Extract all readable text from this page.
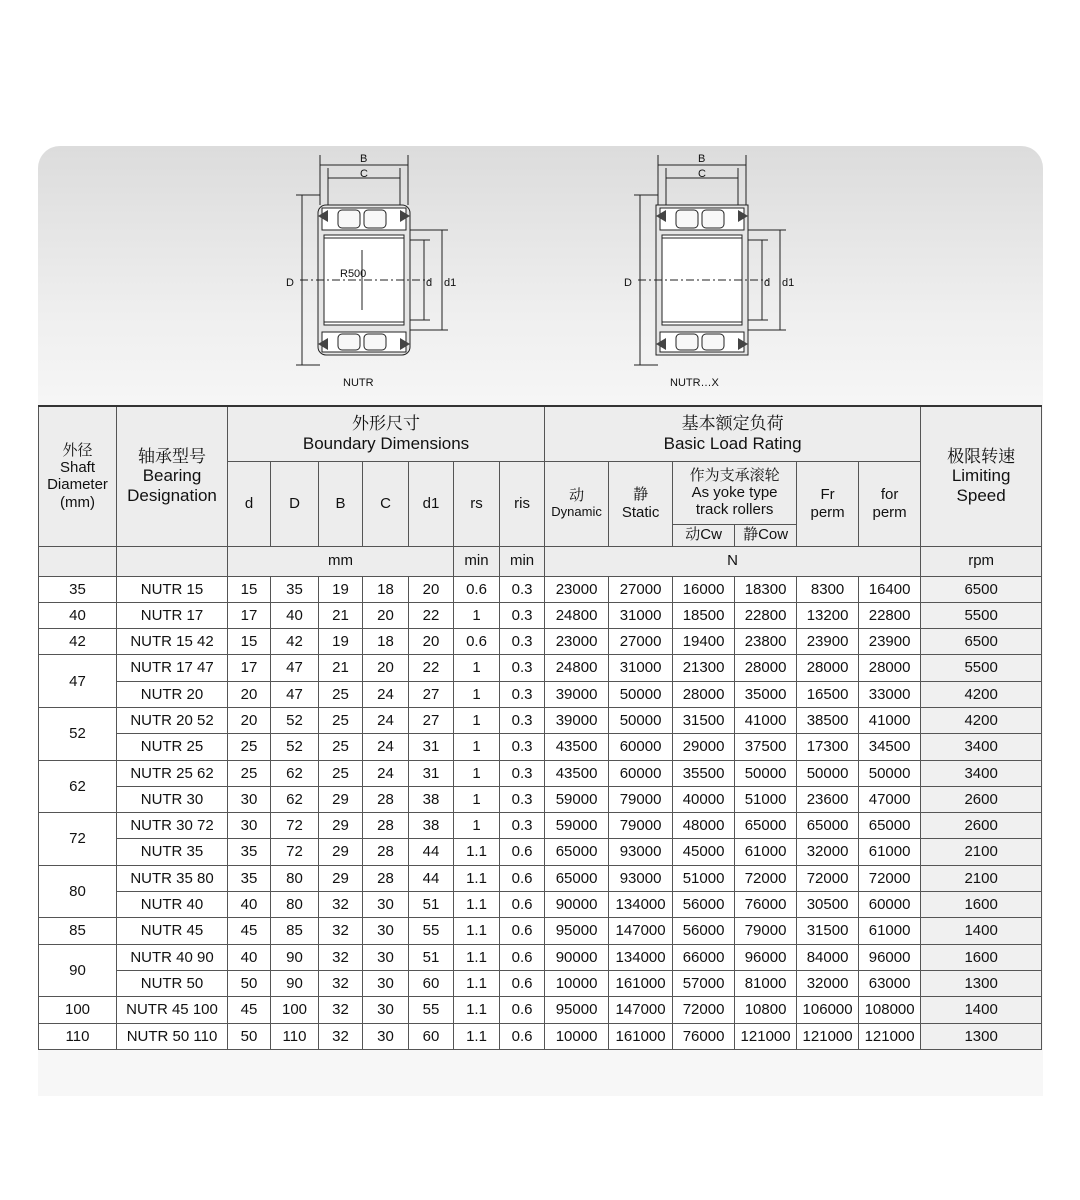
B
C
D	d d1
R500
NUTR
B
C
D	d d1
NUTR…X
外径
Shaft
Diameter
(mm)	轴承型号
Bearing
Designation	外形尺寸
Boundary Dimensions							基本额定负荷
Basic Load Rating						极限转速
Limiting
Speed

		d	D	B	C	d1	rs	ris	动
Dynamic	静
Static	作为支承滚轮
As yoke type
track rollers		Fr
perm	for
perm	

											动Cw	静Cow			
		mm					min	min	N						rpm
35	NUTR 15	15	35	19	18	20	0.6	0.3	23000	27000	16000	18300	8300	16400	6500
40	NUTR 17	17	40	21	20	22	1	0.3	24800	31000	18500	22800	13200	22800	5500
42	NUTR 15 42	15	42	19	18	20	0.6	0.3	23000	27000	19400	23800	23900	23900	6500
47	NUTR 17 47	17	47	21	20	22	1	0.3	24800	31000	21300	28000	28000	28000	5500
	NUTR 20	20	47	25	24	27	1	0.3	39000	50000	28000	35000	16500	33000	4200
52	NUTR 20 52	20	52	25	24	27	1	0.3	39000	50000	31500	41000	38500	41000	4200
	NUTR 25	25	52	25	24	31	1	0.3	43500	60000	29000	37500	17300	34500	3400
62	NUTR 25 62	25	62	25	24	31	1	0.3	43500	60000	35500	50000	50000	50000	3400
	NUTR 30	30	62	29	28	38	1	0.3	59000	79000	40000	51000	23600	47000	2600
72	NUTR 30 72	30	72	29	28	38	1	0.3	59000	79000	48000	65000	65000	65000	2600
	NUTR 35	35	72	29	28	44	1.1	0.6	65000	93000	45000	61000	32000	61000	2100
80	NUTR 35 80	35	80	29	28	44	1.1	0.6	65000	93000	51000	72000	72000	72000	2100
	NUTR 40	40	80	32	30	51	1.1	0.6	90000	134000	56000	76000	30500	60000	1600
85	NUTR 45	45	85	32	30	55	1.1	0.6	95000	147000	56000	79000	31500	61000	1400
90	NUTR 40 90	40	90	32	30	51	1.1	0.6	90000	134000	66000	96000	84000	96000	1600
	NUTR 50	50	90	32	30	60	1.1	0.6	10000	161000	57000	81000	32000	63000	1300
100	NUTR 45 100	45	100	32	30	55	1.1	0.6	95000	147000	72000	10800	106000	108000	1400
110	NUTR 50 110	50	110	32	30	60	1.1	0.6	10000	161000	76000	121000	121000	121000	1300
